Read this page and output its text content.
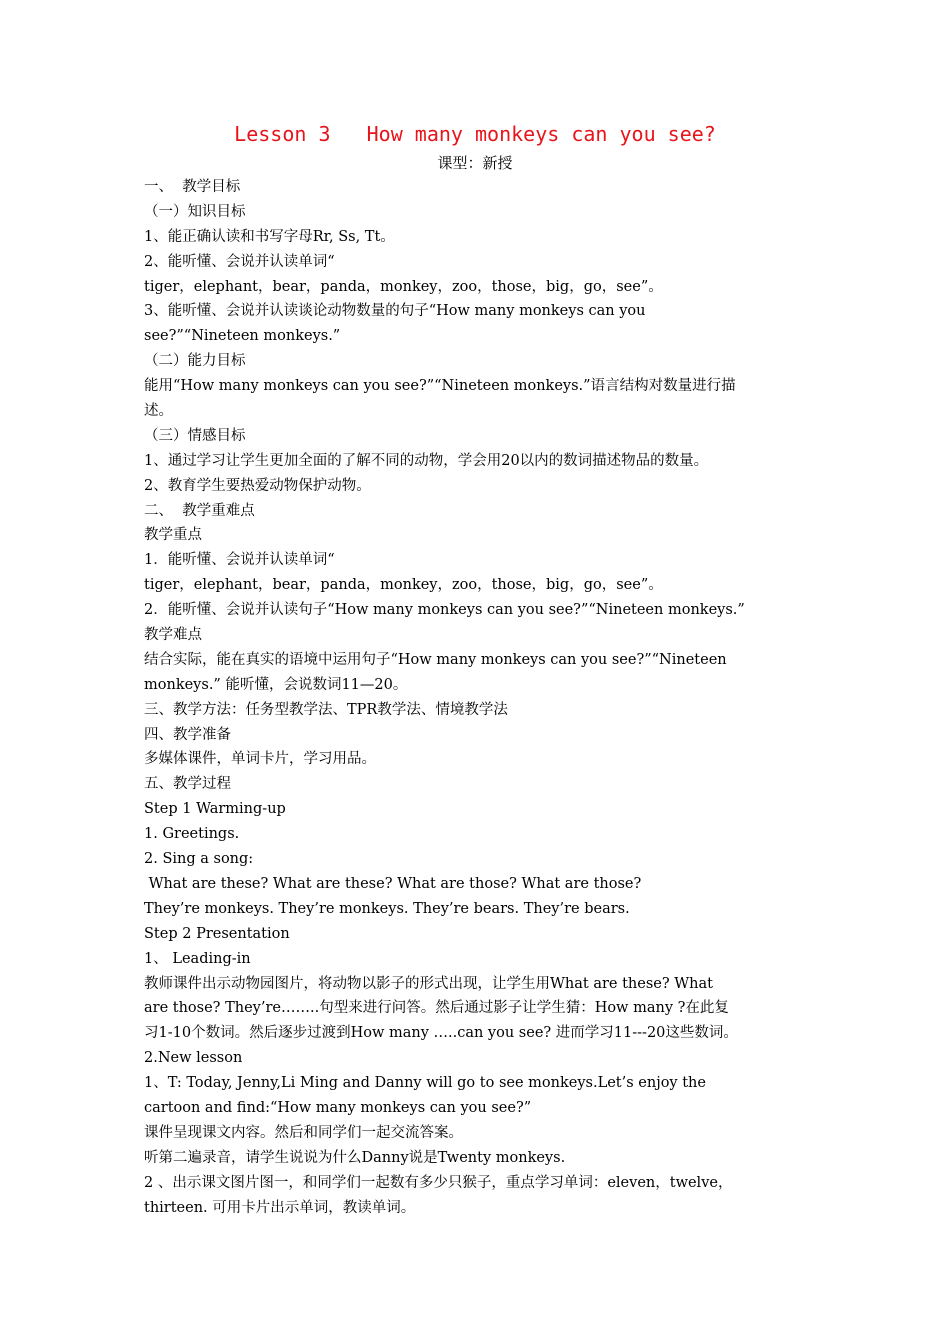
Lesson 3   How many monkeys can you see?
课型：新授
一、  教学目标
（一）知识目标
1、能正确认读和书写字母Rr, Ss, Tt。
2、能听懂、会说并认读单词“
tiger，elephant，bear，panda，monkey，zoo，those，big，go，see”。
3、能听懂、会说并认读谈论动物数量的句子“How many monkeys can you
see?”“Nineteen monkeys.”
（二）能力目标
能用“How many monkeys can you see?”“Nineteen monkeys.”语言结构对数量进行描
述。
（三）情感目标
1、通过学习让学生更加全面的了解不同的动物，学会用20以内的数词描述物品的数量。
2、教育学生要热爱动物保护动物。
二、  教学重难点
教学重点
1．能听懂、会说并认读单词“
tiger，elephant，bear，panda，monkey，zoo，those，big，go，see”。
2．能听懂、会说并认读句子“How many monkeys can you see?”“Nineteen monkeys.”
教学难点
结合实际，能在真实的语境中运用句子“How many monkeys can you see?”“Nineteen
monkeys.” 能听懂，会说数词11—20。
三、教学方法：任务型教学法、TPR教学法、情境教学法
四、教学准备
多媒体课件，单词卡片，学习用品。
五、教学过程
Step 1 Warming-up
1. Greetings.
2. Sing a song:
What are these? What are these? What are those? What are those?
They’re monkeys. They’re monkeys. They’re bears. They’re bears.
Step 2 Presentation
1、 Leading-in
教师课件出示动物园图片，将动物以影子的形式出现，让学生用What are these? What
are those? They’re……..句型来进行问答。然后通过影子让学生猜：How many ?在此复
习1-10个数词。然后逐步过渡到How many …..can you see? 进而学习11---20这些数词。
2.New lesson
1、T: Today, Jenny,Li Ming and Danny will go to see monkeys.Let’s enjoy the
cartoon and find:“How many monkeys can you see?”
课件呈现课文内容。然后和同学们一起交流答案。
听第二遍录音，请学生说说为什么Danny说是Twenty monkeys.
2 、出示课文图片图一，和同学们一起数有多少只猴子，重点学习单词：eleven，twelve，
thirteen. 可用卡片出示单词，教读单词。
